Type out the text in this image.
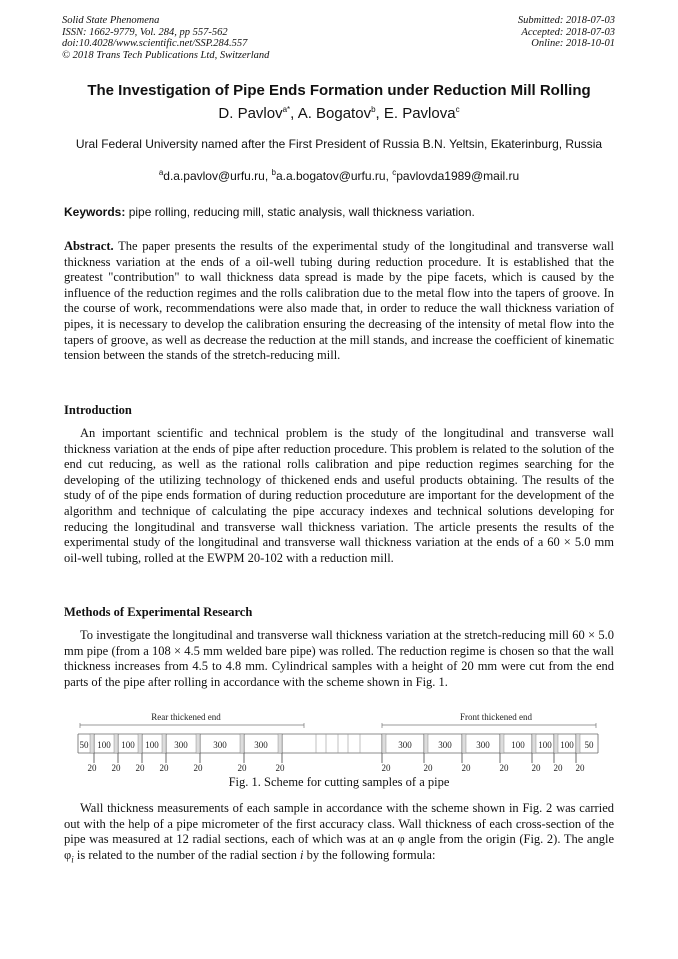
Solid State Phenomena
ISSN: 1662-9779, Vol. 284, pp 557-562
doi:10.4028/www.scientific.net/SSP.284.557
© 2018 Trans Tech Publications Ltd, Switzerland
Submitted: 2018-07-03
Accepted: 2018-07-03
Online: 2018-10-01
The Investigation of Pipe Ends Formation under Reduction Mill Rolling
D. Pavlov$^{a*}$, A. Bogatov$^b$, E. Pavlova$^c$
Ural Federal University named after the First President of Russia B.N. Yeltsin, Ekaterinburg, Russia
$^a$d.a.pavlov@urfu.ru, $^b$a.a.bogatov@urfu.ru, $^c$pavlovda1989@mail.ru
Keywords: pipe rolling, reducing mill, static analysis, wall thickness variation.
Abstract. The paper presents the results of the experimental study of the longitudinal and transverse wall thickness variation at the ends of a oil-well tubing during reduction procedure. It is established that the greatest "contribution" to wall thickness data spread is made by the pipe facets, which is caused by the influence of the reduction regimes and the rolls calibration due to the metal flow into the tapers of groove. In the course of work, recommendations were also made that, in order to reduce the wall thickness variation of pipes, it is necessary to develop the calibration ensuring the decreasing of the intensity of metal flow into the tapers of groove, as well as decrease the reduction at the mill stands, and increase the coefficient of kinematic tension between the stands of the stretch-reducing mill.
Introduction
An important scientific and technical problem is the study of the longitudinal and transverse wall thickness variation at the ends of pipe after reduction procedure. This problem is related to the solution of the end cut reducing, as well as the rational rolls calibration and pipe reduction regimes searching for the developing of the utilizing technology of thickened ends and useful products obtaining. The results of the study of of the pipe ends formation of during reduction proceduture are important for the development of the algorithm and technique of calculating the pipe accuracy indexes and technical solutions developing for reducing the longitudinal and transverse wall thickness variation. The article presents the results of the experimental study of the longitudinal and transverse wall thickness variation at the ends of a 60 × 5.0 mm oil-well tubing, rolled at the EWPM 20-102 with a reduction mill.
Methods of Experimental Research
To investigate the longitudinal and transverse wall thickness variation at the stretch-reducing mill 60 × 5.0 mm pipe (from a 108 × 4.5 mm welded bare pipe) was rolled. The reduction regime is chosen so that the wall thickness increases from 4.5 to 4.8 mm. Cylindrical samples with a height of 20 mm were cut from the end parts of the pipe after rolling in accordance with the scheme shown in Fig. 1.
Rear thickened end	Front thickened end
50
20
100
20
100
20
100
20
300
20
300
20
300
20
300
20
300
20
300
20
100
20
100
20
100
20
50
20
Fig. 1. Scheme for cutting samples of a pipe
Wall thickness measurements of each sample in accordance with the scheme shown in Fig. 2 was carried out with the help of a pipe micrometer of the first accuracy class. Wall thickness of each cross-section of the pipe was measured at 12 radial sections, each of which was at an φ angle from the origin (Fig. 2). The angle $\varphi_i$ is related to the number of the radial section i by the following formula:
